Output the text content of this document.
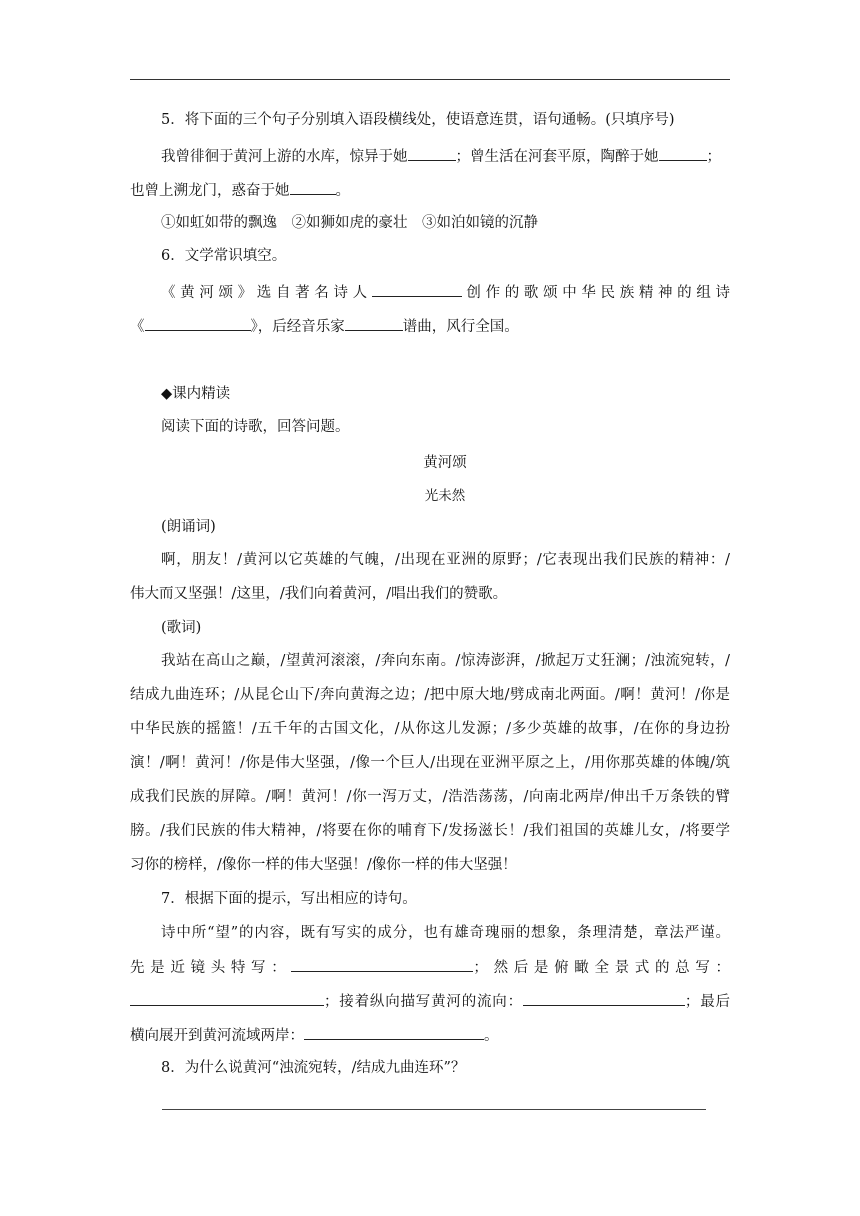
5．将下面的三个句子分别填入语段横线处，使语意连贯，语句通畅。(只填序号)
我曾徘徊于黄河上游的水库，惊异于她	；曾生活在河套平原，陶醉于她	；
也曾上溯龙门，惑奋于她	。
①如虹如带的飘逸　②如狮如虎的豪壮　③如泊如镜的沉静
6．文学常识填空。
《黄河颂》选自著名诗人	创作的歌颂中华民族精神的组诗
《	》，后经音乐家	谱曲，风行全国。
◆课内精读
阅读下面的诗歌，回答问题。
黄河颂
光未然
(朗诵词)
啊，朋友！/黄河以它英雄的气魄，/出现在亚洲的原野；/它表现出我们民族的精神：/
伟大而又坚强！/这里，/我们向着黄河，/唱出我们的赞歌。
(歌词)
我站在高山之巅，/望黄河滚滚，/奔向东南。/惊涛澎湃，/掀起万丈狂澜；/浊流宛转，/
结成九曲连环；/从昆仑山下/奔向黄海之边；/把中原大地/劈成南北两面。/啊！黄河！/你是
中华民族的摇篮！/五千年的古国文化，/从你这儿发源；/多少英雄的故事，/在你的身边扮
演！/啊！黄河！/你是伟大坚强，/像一个巨人/出现在亚洲平原之上，/用你那英雄的体魄/筑
成我们民族的屏障。/啊！黄河！/你一泻万丈，/浩浩荡荡，/向南北两岸/伸出千万条铁的臂
膀。/我们民族的伟大精神，/将要在你的哺育下/发扬滋长！/我们祖国的英雄儿女，/将要学
习你的榜样，/像你一样的伟大坚强！/像你一样的伟大坚强！
7．根据下面的提示，写出相应的诗句。
诗中所“望”的内容，既有写实的成分，也有雄奇瑰丽的想象，条理清楚，章法严谨。
先是近镜头特写：	；然后是俯瞰全景式的总写：
；接着纵向描写黄河的流向：	；最后
横向展开到黄河流域两岸：	。
8．为什么说黄河“浊流宛转，/结成九曲连环”？
